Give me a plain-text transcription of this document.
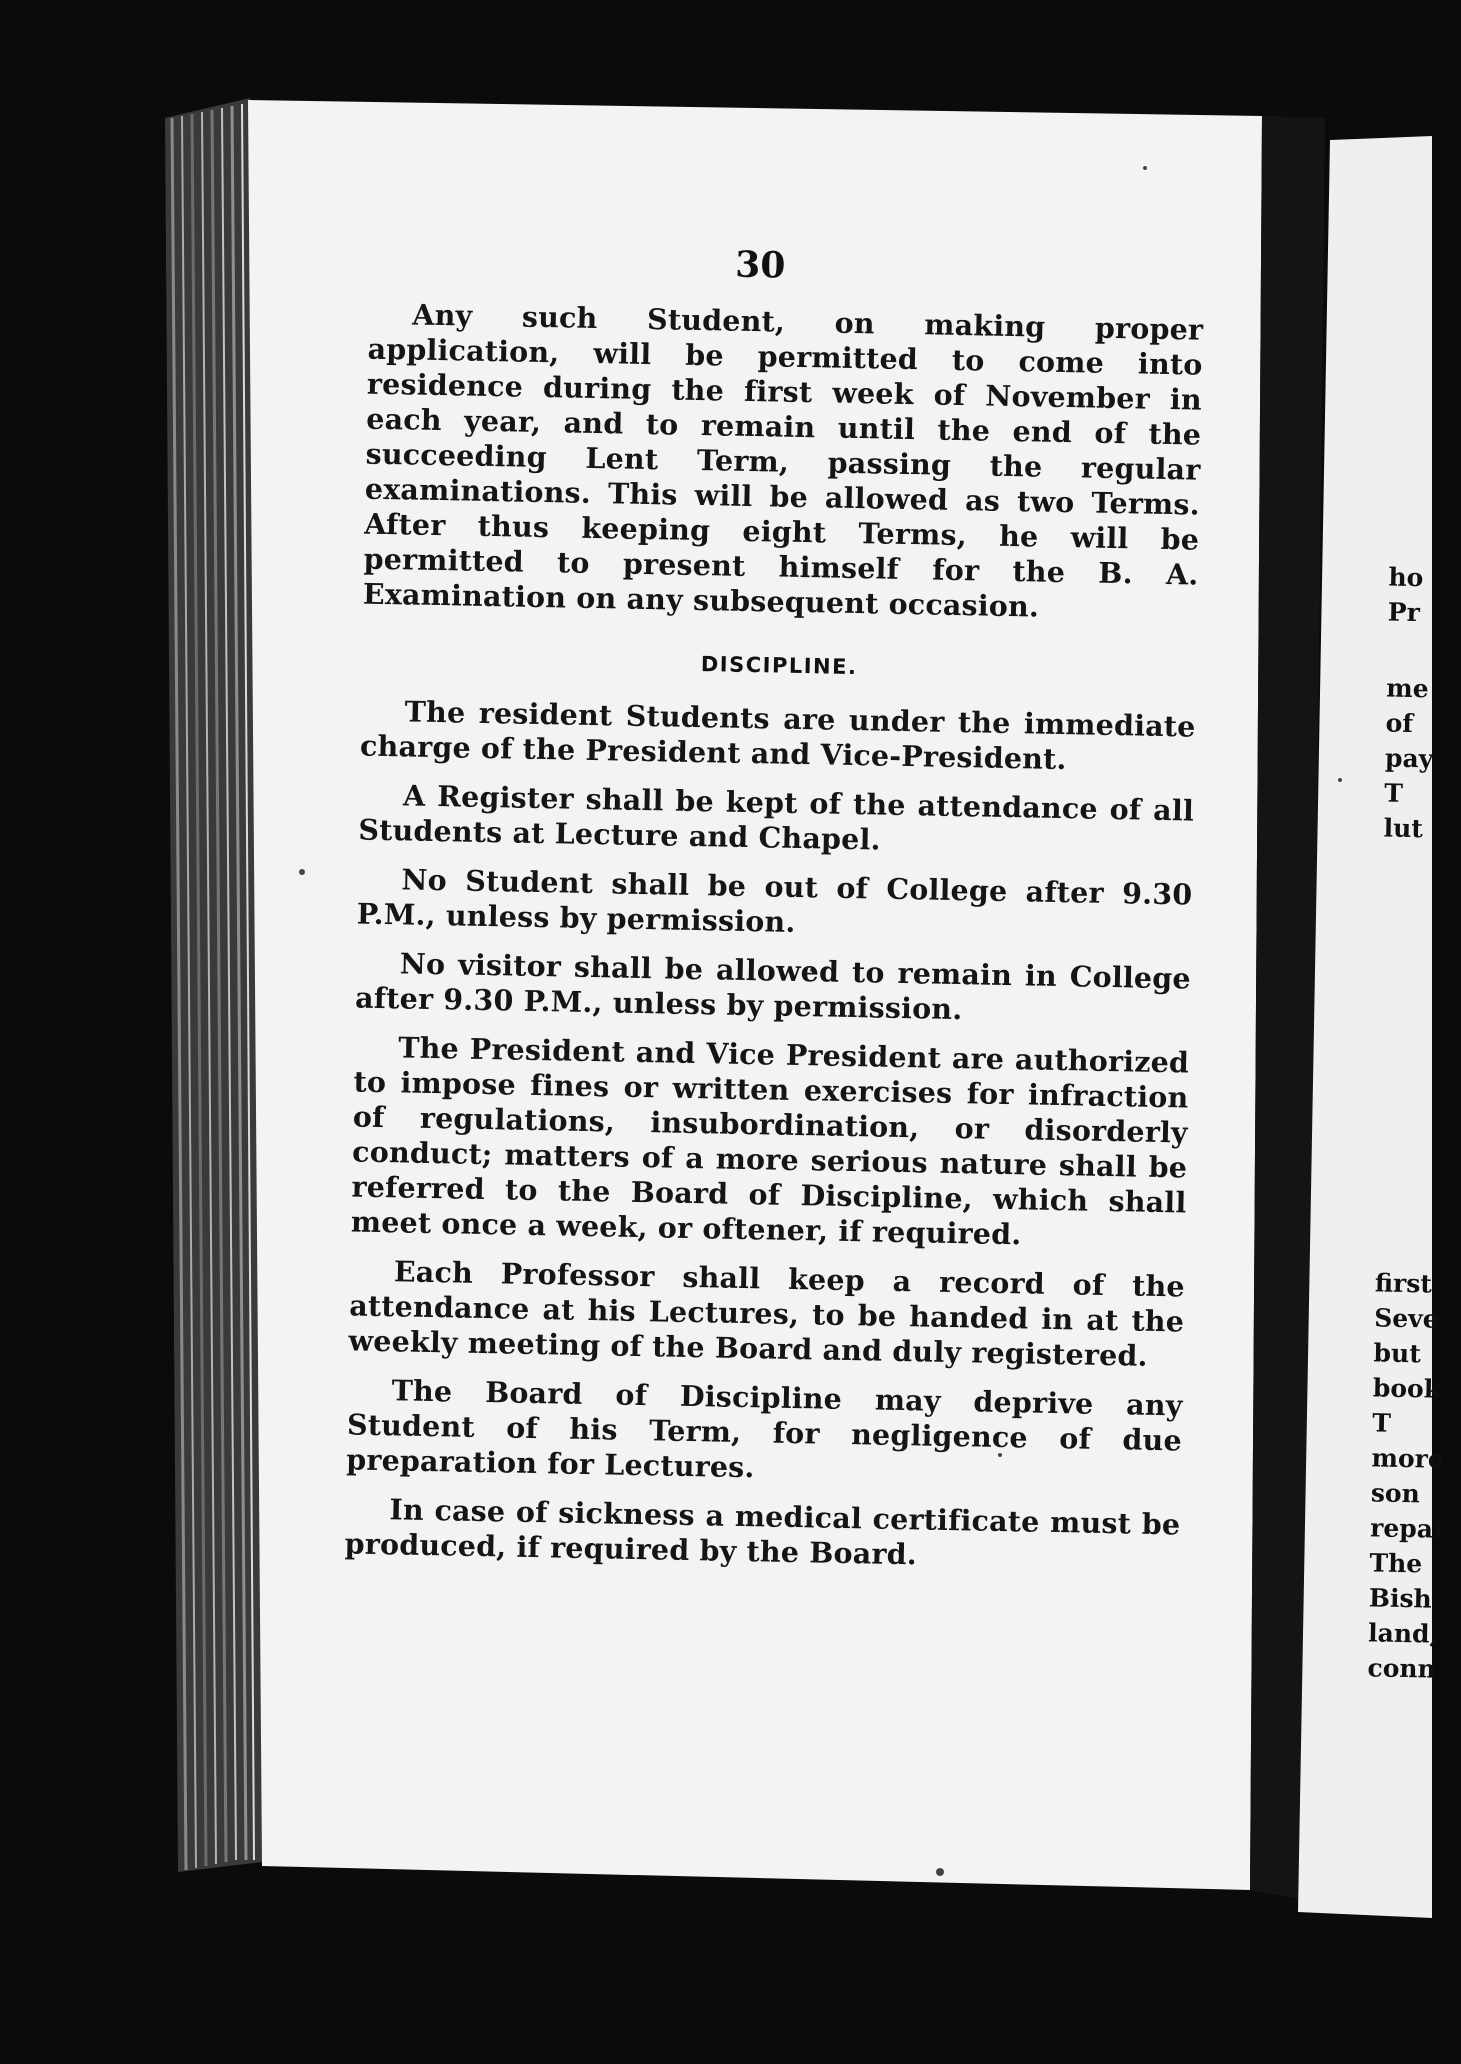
30

Any such Student, on making proper application, will be permitted to come into residence during the first week of November in each year, and to remain until the end of the succeeding Lent Term, passing the regular examinations. This will be allowed as two Terms. After thus keeping eight Terms, he will be permitted to present himself for the B. A. Examination on any subsequent occasion.

DISCIPLINE.

The resident Students are under the immediate charge of the President and Vice-President.

A Register shall be kept of the attendance of all Students at Lecture and Chapel.

No Student shall be out of College after 9.30 P.M., unless by permission.

No visitor shall be allowed to remain in College after 9.30 P.M., unless by permission.

The President and Vice President are authorized to impose fines or written exercises for infraction of regulations, insubordination, or disorderly conduct; matters of a more serious nature shall be referred to the Board of Discipline, which shall meet once a week, or oftener, if required.

Each Professor shall keep a record of the attendance at his Lectures, to be handed in at the weekly meeting of the Board and duly registered.

The Board of Discipline may deprive any Student of his Term, for negligence of due preparation for Lectures.

In case of sickness a medical certificate must be produced, if required by the Board.

ho
Pr
me
of
pay
T
lut
first
Seve
but
book
T
more
son
repai
The
Bish
land,
conn
